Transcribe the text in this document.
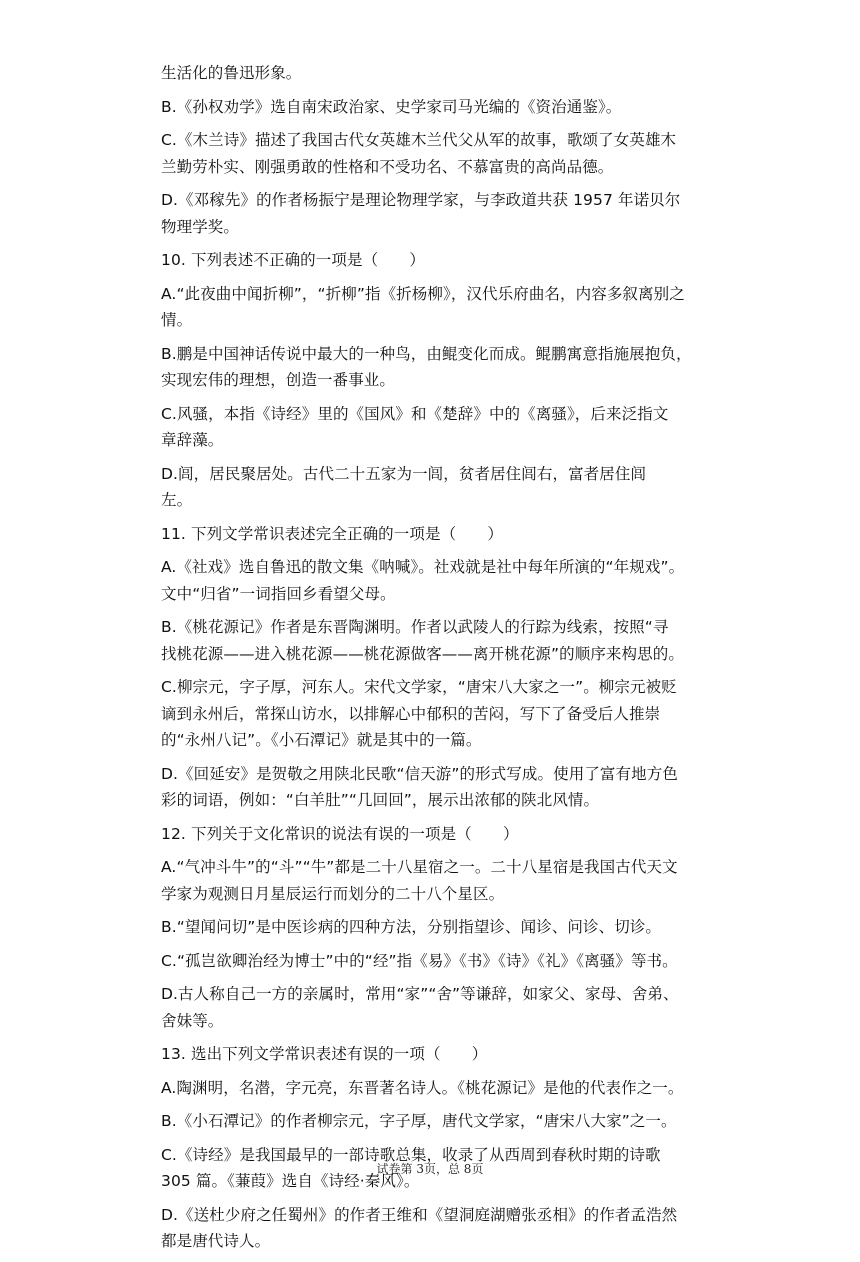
生活化的鲁迅形象。
B.《孙权劝学》选自南宋政治家、史学家司马光编的《资治通鉴》。
C.《木兰诗》描述了我国古代女英雄木兰代父从军的故事，歌颂了女英雄木
兰勤劳朴实、刚强勇敢的性格和不受功名、不慕富贵的高尚品德。
D.《邓稼先》的作者杨振宁是理论物理学家，与李政道共获 1957 年诺贝尔
物理学奖。
10. 下列表述不正确的一项是（　　）
A.“此夜曲中闻折柳”，“折柳”指《折杨柳》，汉代乐府曲名，内容多叙离别之
情。
B.鹏是中国神话传说中最大的一种鸟，由鲲变化而成。鲲鹏寓意指施展抱负，
实现宏伟的理想，创造一番事业。
C.风骚，本指《诗经》里的《国风》和《楚辞》中的《离骚》，后来泛指文
章辞藻。
D.闾，居民聚居处。古代二十五家为一闾，贫者居住闾右，富者居住闾
左。
11. 下列文学常识表述完全正确的一项是（　　）
A.《社戏》选自鲁迅的散文集《呐喊》。社戏就是社中每年所演的“年规戏”。
文中“归省”一词指回乡看望父母。
B.《桃花源记》作者是东晋陶渊明。作者以武陵人的行踪为线索，按照“寻
找桃花源——进入桃花源——桃花源做客——离开桃花源”的顺序来构思的。
C.柳宗元，字子厚，河东人。宋代文学家，“唐宋八大家之一”。柳宗元被贬
谪到永州后，常探山访水，以排解心中郁积的苦闷，写下了备受后人推崇
的“永州八记”。《小石潭记》就是其中的一篇。
D.《回延安》是贺敬之用陕北民歌“信天游”的形式写成。使用了富有地方色
彩的词语，例如：“白羊肚”“几回回”，展示出浓郁的陕北风情。
12. 下列关于文化常识的说法有误的一项是（　　）
A.“气冲斗牛”的“斗”“牛”都是二十八星宿之一。二十八星宿是我国古代天文
学家为观测日月星辰运行而划分的二十八个星区。
B.“望闻问切”是中医诊病的四种方法，分别指望诊、闻诊、问诊、切诊。
C.“孤岂欲卿治经为博士”中的“经”指《易》《书》《诗》《礼》《离骚》等书。
D.古人称自己一方的亲属时，常用“家”“舍”等谦辞，如家父、家母、舍弟、
舍妹等。
13. 选出下列文学常识表述有误的一项（　　）
A.陶渊明，名潜，字元亮，东晋著名诗人。《桃花源记》是他的代表作之一。
B.《小石潭记》的作者柳宗元，字子厚，唐代文学家，“唐宋八大家”之一。
C.《诗经》是我国最早的一部诗歌总集，收录了从西周到春秋时期的诗歌
305 篇。《蒹葭》选自《诗经·秦风》。
D.《送杜少府之任蜀州》的作者王维和《望洞庭湖赠张丞相》的作者孟浩然
都是唐代诗人。
试卷第 3页，总 8页
